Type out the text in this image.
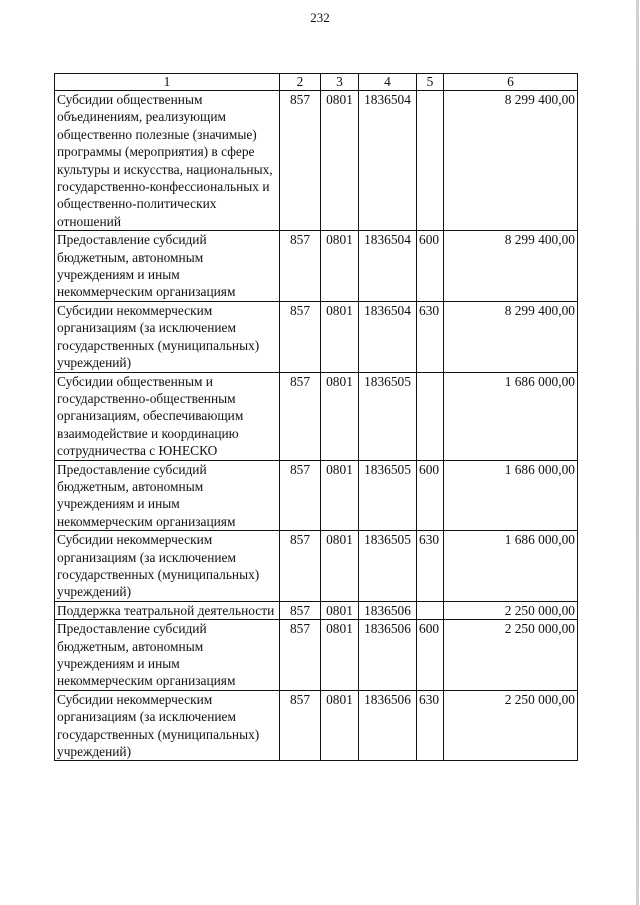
232
1	2	3	4	5	6
Субсидии общественным объединениям, реализующим общественно полезные (значимые) программы (мероприятия) в сфере культуры и искусства, национальных, государственно-конфессиональных и общественно-политических отношений	857	0801	1836504		8 299 400,00
Предоставление субсидий бюджетным, автономным учреждениям и иным некоммерческим организациям	857	0801	1836504	600	8 299 400,00
Субсидии некоммерческим организациям (за исключением государственных (муниципальных) учреждений)	857	0801	1836504	630	8 299 400,00
Субсидии общественным и государственно-общественным организациям, обеспечивающим взаимодействие и координацию сотрудничества с ЮНЕСКО	857	0801	1836505		1 686 000,00
Предоставление субсидий бюджетным, автономным учреждениям и иным некоммерческим организациям	857	0801	1836505	600	1 686 000,00
Субсидии некоммерческим организациям (за исключением государственных (муниципальных) учреждений)	857	0801	1836505	630	1 686 000,00
Поддержка театральной деятельности	857	0801	1836506		2 250 000,00
Предоставление субсидий бюджетным, автономным учреждениям и иным некоммерческим организациям	857	0801	1836506	600	2 250 000,00
Субсидии некоммерческим организациям (за исключением государственных (муниципальных) учреждений)	857	0801	1836506	630	2 250 000,00
